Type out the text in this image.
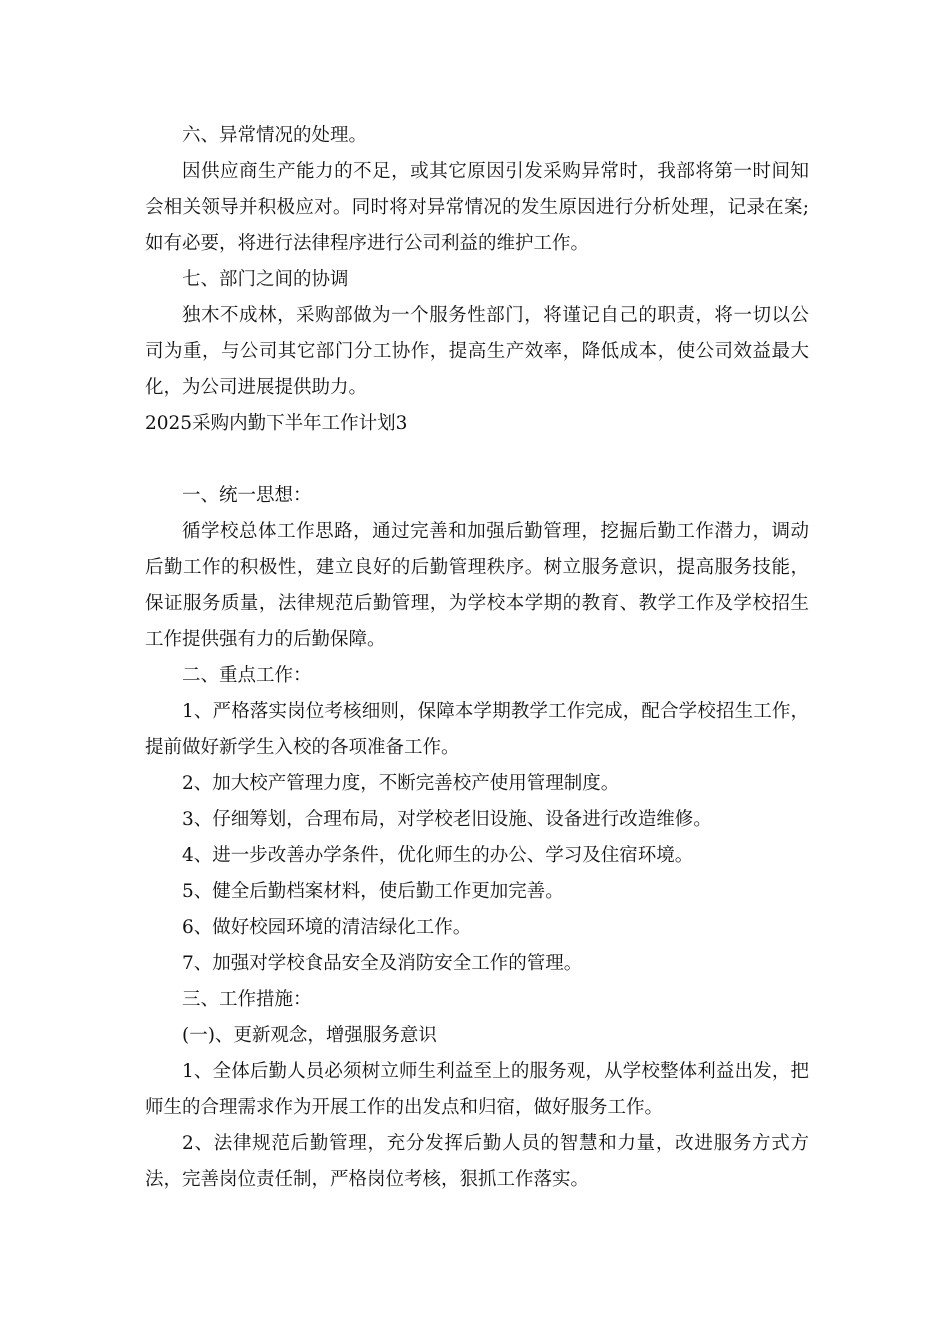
六、异常情况的处理。

因供应商生产能力的不足，或其它原因引发采购异常时，我部将第一时间知会相关领导并积极应对。同时将对异常情况的发生原因进行分析处理，记录在案;如有必要，将进行法律程序进行公司利益的维护工作。

七、部门之间的协调

独木不成林，采购部做为一个服务性部门，将谨记自己的职责，将一切以公司为重，与公司其它部门分工协作，提高生产效率，降低成本，使公司效益最大化，为公司进展提供助力。

2025采购内勤下半年工作计划3

一、统一思想：

循学校总体工作思路，通过完善和加强后勤管理，挖掘后勤工作潜力，调动后勤工作的积极性，建立良好的后勤管理秩序。树立服务意识，提高服务技能，保证服务质量，法律规范后勤管理，为学校本学期的教育、教学工作及学校招生工作提供强有力的后勤保障。

二、重点工作：

1、严格落实岗位考核细则，保障本学期教学工作完成，配合学校招生工作，提前做好新学生入校的各项准备工作。

2、加大校产管理力度，不断完善校产使用管理制度。

3、仔细筹划，合理布局，对学校老旧设施、设备进行改造维修。

4、进一步改善办学条件，优化师生的办公、学习及住宿环境。

5、健全后勤档案材料，使后勤工作更加完善。

6、做好校园环境的清洁绿化工作。

7、加强对学校食品安全及消防安全工作的管理。

三、工作措施：

(一)、更新观念，增强服务意识

1、全体后勤人员必须树立师生利益至上的服务观，从学校整体利益出发，把师生的合理需求作为开展工作的出发点和归宿，做好服务工作。

2、法律规范后勤管理，充分发挥后勤人员的智慧和力量，改进服务方式方法，完善岗位责任制，严格岗位考核，狠抓工作落实。
